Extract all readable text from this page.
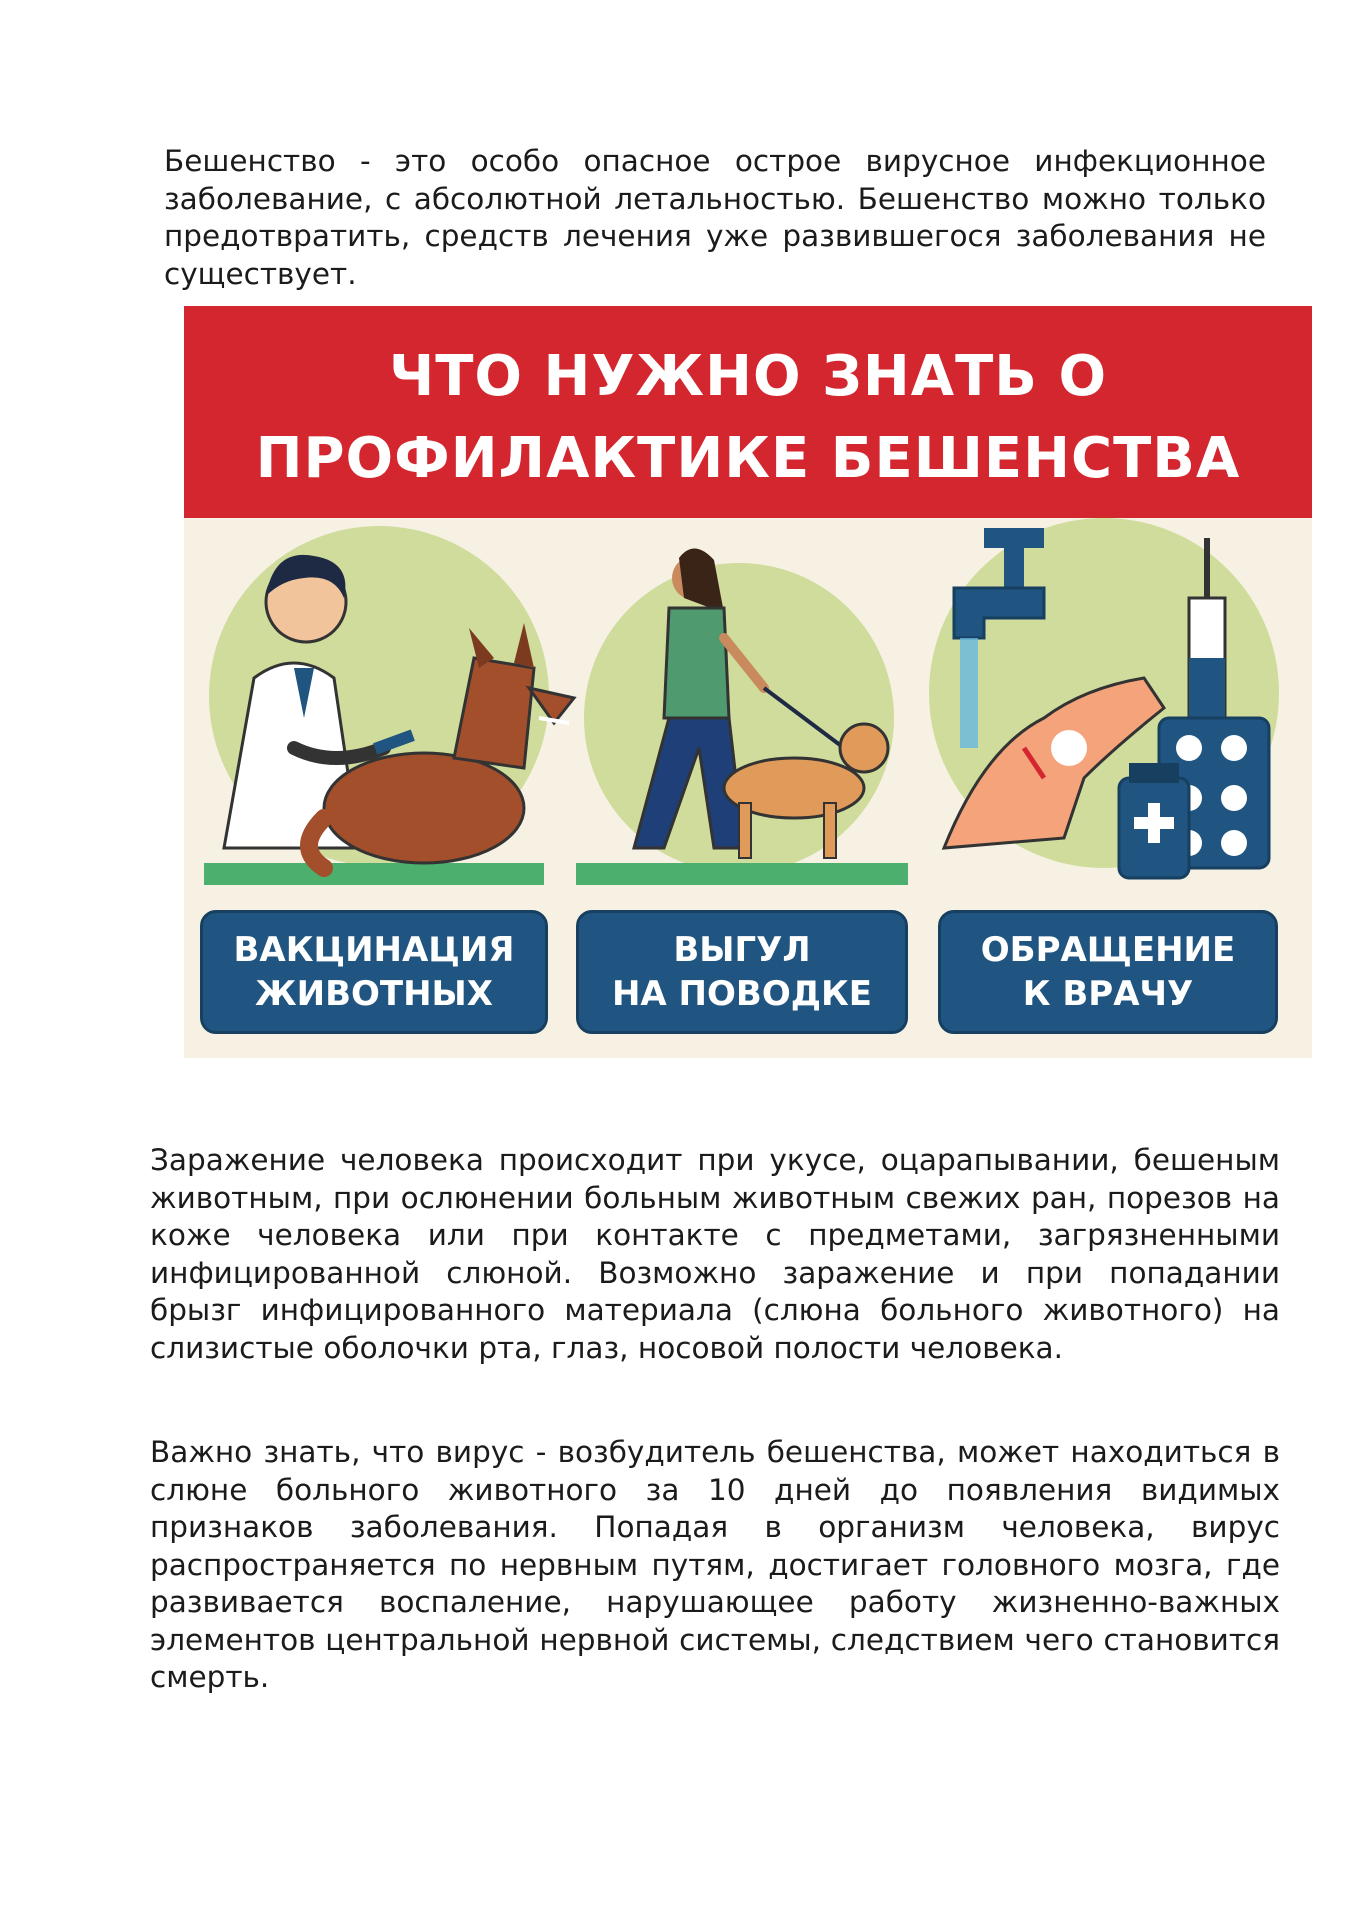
Бешенство - это особо опасное острое вирусное инфекционное заболевание, с абсолютной летальностью. Бешенство можно только предотвратить, средств лечения уже развившегося заболевания не существует.

ЧТО НУЖНО ЗНАТЬ О
ПРОФИЛАКТИКЕ БЕШЕНСТВА
ВАКЦИНАЦИЯ
ЖИВОТНЫХ
ВЫГУЛ
НА ПОВОДКЕ
ОБРАЩЕНИЕ
К ВРАЧУ

Заражение человека происходит при укусе, оцарапывании, бешеным животным, при ослюнении больным животным свежих ран, порезов на коже человека или при контакте с предметами, загрязненными инфицированной слюной. Возможно заражение и при попадании брызг инфицированного материала (слюна больного животного) на слизистые оболочки рта, глаз, носовой полости человека.

Важно знать, что вирус - возбудитель бешенства, может находиться в слюне больного животного за 10 дней до появления видимых признаков заболевания. Попадая в организм человека, вирус распространяется по нервным путям, достигает головного мозга, где развивается воспаление, нарушающее работу жизненно-важных элементов центральной нервной системы, следствием чего становится смерть.
